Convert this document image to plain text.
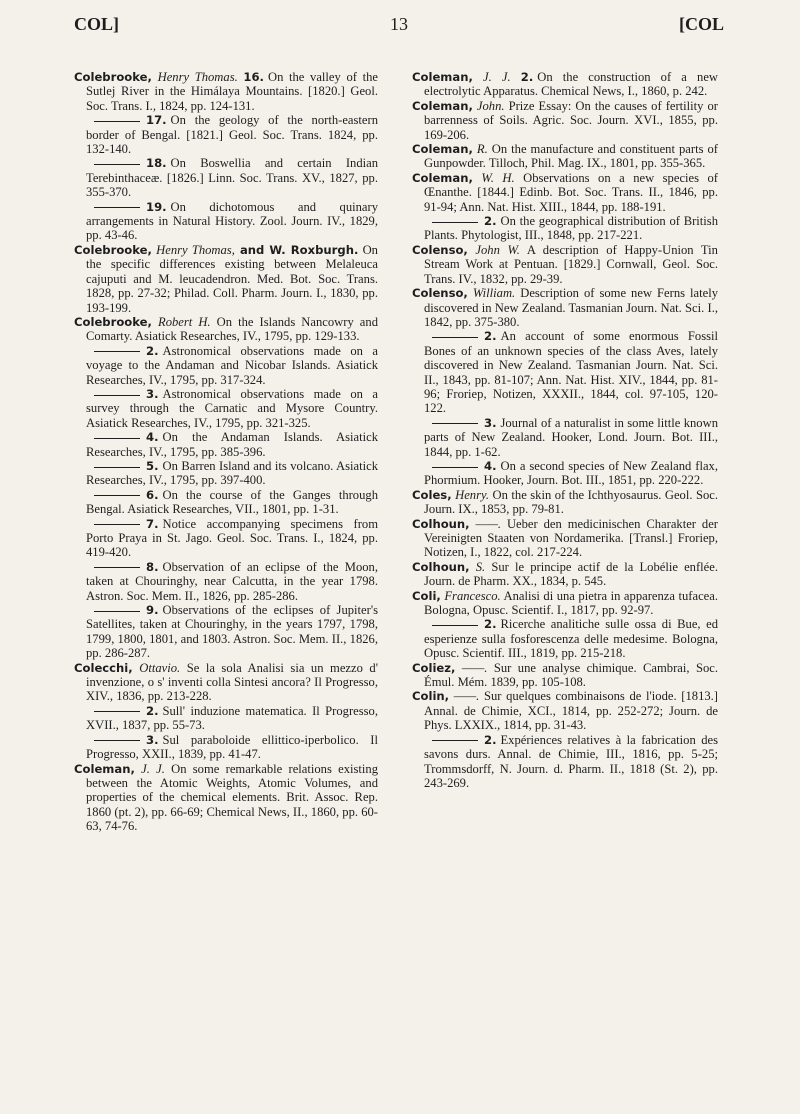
COL]	13	[COL

Colebrooke, Henry Thomas. 16. On the valley of the Sutlej River in the Himálaya Mountains. [1820.] Geol. Soc. Trans. I., 1824, pp. 124-131.

17. On the geology of the north-eastern border of Bengal. [1821.] Geol. Soc. Trans. 1824, pp. 132-140.

18. On Boswellia and certain Indian Terebinthaceæ. [1826.] Linn. Soc. Trans. XV., 1827, pp. 355-370.

19. On dichotomous and quinary arrangements in Natural History. Zool. Journ. IV., 1829, pp. 43-46.

Colebrooke, Henry Thomas, and W. Roxburgh. On the specific differences existing between Melaleuca cajuputi and M. leucadendron. Med. Bot. Soc. Trans. 1828, pp. 27-32; Philad. Coll. Pharm. Journ. I., 1830, pp. 193-199.

Colebrooke, Robert H. On the Islands Nancowry and Comarty. Asiatick Researches, IV., 1795, pp. 129-133.

2. Astronomical observations made on a voyage to the Andaman and Nicobar Islands. Asiatick Researches, IV., 1795, pp. 317-324.

3. Astronomical observations made on a survey through the Carnatic and Mysore Country. Asiatick Researches, IV., 1795, pp. 321-325.

4. On the Andaman Islands. Asiatick Researches, IV., 1795, pp. 385-396.

5. On Barren Island and its volcano. Asiatick Researches, IV., 1795, pp. 397-400.

6. On the course of the Ganges through Bengal. Asiatick Researches, VII., 1801, pp. 1-31.

7. Notice accompanying specimens from Porto Praya in St. Jago. Geol. Soc. Trans. I., 1824, pp. 419-420.

8. Observation of an eclipse of the Moon, taken at Chouringhy, near Calcutta, in the year 1798. Astron. Soc. Mem. II., 1826, pp. 285-286.

9. Observations of the eclipses of Jupiter's Satellites, taken at Chouringhy, in the years 1797, 1798, 1799, 1800, 1801, and 1803. Astron. Soc. Mem. II., 1826, pp. 286-287.

Colecchi, Ottavio. Se la sola Analisi sia un mezzo d' invenzione, o s' inventi colla Sintesi ancora? Il Progresso, XIV., 1836, pp. 213-228.

2. Sull' induzione matematica. Il Progresso, XVII., 1837, pp. 55-73.

3. Sul paraboloide ellittico-iperbolico. Il Progresso, XXII., 1839, pp. 41-47.

Coleman, J. J. On some remarkable relations existing between the Atomic Weights, Atomic Volumes, and properties of the chemical elements. Brit. Assoc. Rep. 1860 (pt. 2), pp. 66-69; Chemical News, II., 1860, pp. 60-63, 74-76.

Coleman, J. J. 2. On the construction of a new electrolytic Apparatus. Chemical News, I., 1860, p. 242.

Coleman, John. Prize Essay: On the causes of fertility or barrenness of Soils. Agric. Soc. Journ. XVI., 1855, pp. 169-206.

Coleman, R. On the manufacture and constituent parts of Gunpowder. Tilloch, Phil. Mag. IX., 1801, pp. 355-365.

Coleman, W. H. Observations on a new species of Œnanthe. [1844.] Edinb. Bot. Soc. Trans. II., 1846, pp. 91-94; Ann. Nat. Hist. XIII., 1844, pp. 188-191.

2. On the geographical distribution of British Plants. Phytologist, III., 1848, pp. 217-221.

Colenso, John W. A description of Happy-Union Tin Stream Work at Pentuan. [1829.] Cornwall, Geol. Soc. Trans. IV., 1832, pp. 29-39.

Colenso, William. Description of some new Ferns lately discovered in New Zealand. Tasmanian Journ. Nat. Sci. I., 1842, pp. 375-380.

2. An account of some enormous Fossil Bones of an unknown species of the class Aves, lately discovered in New Zealand. Tasmanian Journ. Nat. Sci. II., 1843, pp. 81-107; Ann. Nat. Hist. XIV., 1844, pp. 81-96; Froriep, Notizen, XXXII., 1844, col. 97-105, 120-122.

3. Journal of a naturalist in some little known parts of New Zealand. Hooker, Lond. Journ. Bot. III., 1844, pp. 1-62.

4. On a second species of New Zealand flax, Phormium. Hooker, Journ. Bot. III., 1851, pp. 220-222.

Coles, Henry. On the skin of the Ichthyosaurus. Geol. Soc. Journ. IX., 1853, pp. 79-81.

Colhoun, ——. Ueber den medicinischen Charakter der Vereinigten Staaten von Nordamerika. [Transl.] Froriep, Notizen, I., 1822, col. 217-224.

Colhoun, S. Sur le principe actif de la Lobélie enflée. Journ. de Pharm. XX., 1834, p. 545.

Coli, Francesco. Analisi di una pietra in apparenza tufacea. Bologna, Opusc. Scientif. I., 1817, pp. 92-97.

2. Ricerche analitiche sulle ossa di Bue, ed esperienze sulla fosforescenza delle medesime. Bologna, Opusc. Scientif. III., 1819, pp. 215-218.

Coliez, ——. Sur une analyse chimique. Cambrai, Soc. Émul. Mém. 1839, pp. 105-108.

Colin, ——. Sur quelques combinaisons de l'iode. [1813.] Annal. de Chimie, XCI., 1814, pp. 252-272; Journ. de Phys. LXXIX., 1814, pp. 31-43.

2. Expériences relatives à la fabrication des savons durs. Annal. de Chimie, III., 1816, pp. 5-25; Trommsdorff, N. Journ. d. Pharm. II., 1818 (St. 2), pp. 243-269.
